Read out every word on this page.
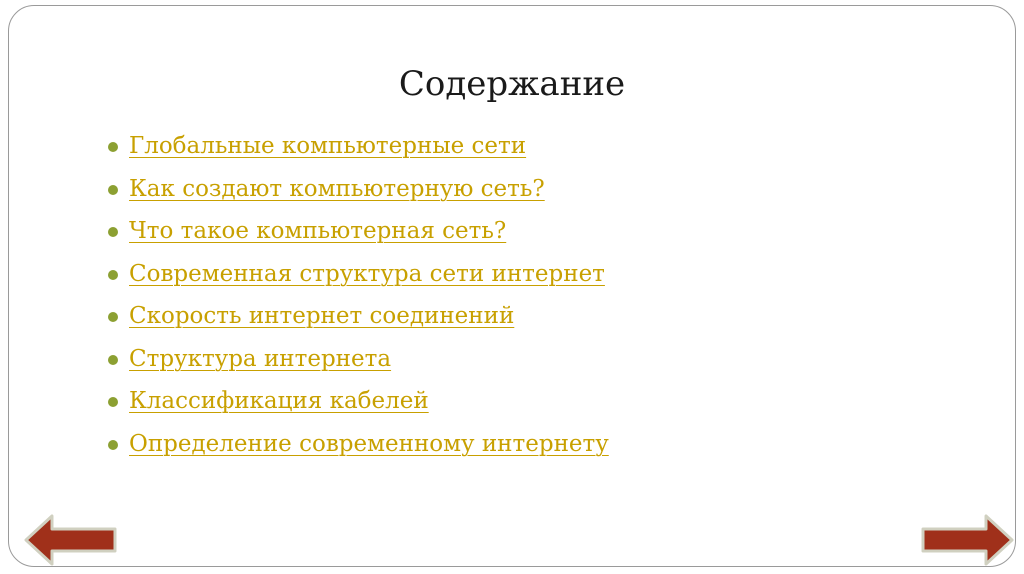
Содержание
Глобальные компьютерные сети
Как создают компьютерную сеть?
Что такое компьютерная сеть?
Современная структура сети интернет
Скорость интернет соединений
Структура интернета
Классификация кабелей
Определение современному интернету
